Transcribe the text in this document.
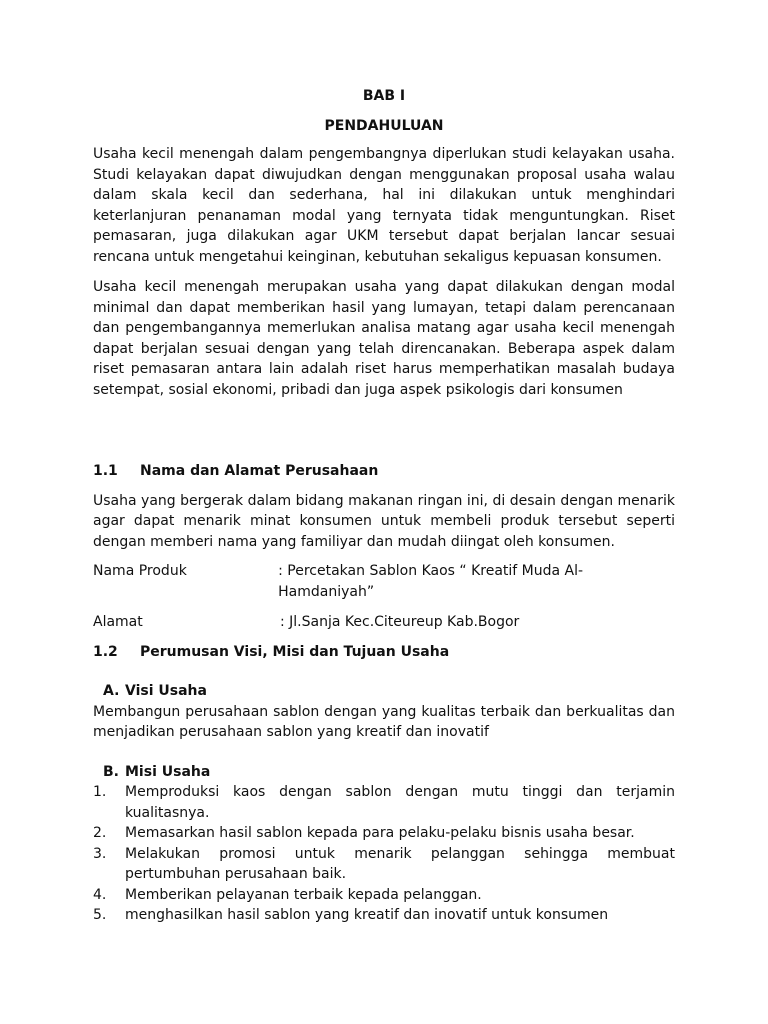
BAB I
PENDAHULUAN

Usaha kecil menengah dalam pengembangnya diperlukan studi kelayakan usaha. Studi kelayakan dapat diwujudkan dengan menggunakan proposal usaha walau dalam skala kecil dan sederhana, hal ini dilakukan untuk menghindari keterlanjuran penanaman modal yang ternyata tidak menguntungkan. Riset pemasaran, juga dilakukan agar UKM tersebut dapat berjalan lancar sesuai rencana untuk mengetahui keinginan, kebutuhan sekaligus kepuasan konsumen.

Usaha kecil menengah merupakan usaha yang dapat dilakukan dengan modal minimal dan dapat memberikan hasil yang lumayan, tetapi dalam perencanaan dan pengembangannya memerlukan analisa matang agar usaha kecil menengah dapat berjalan sesuai dengan yang telah direncanakan. Beberapa aspek dalam riset pemasaran antara lain adalah riset harus memperhatikan masalah budaya setempat, sosial ekonomi, pribadi dan juga aspek psikologis dari konsumen

1.1	Nama dan Alamat Perusahaan

Usaha yang bergerak dalam bidang makanan ringan ini, di desain dengan menarik agar dapat menarik minat konsumen untuk membeli produk tersebut seperti dengan memberi nama yang familiyar dan mudah diingat oleh konsumen.

Nama Produk	: Percetakan Sablon Kaos “ Kreatif Muda Al-Hamdaniyah”
Alamat	: Jl.Sanja Kec.Citeureup Kab.Bogor
1.2	Perumusan Visi, Misi dan Tujuan Usaha
A. Visi Usaha

Membangun perusahaan sablon dengan yang kualitas terbaik dan berkualitas dan menjadikan perusahaan sablon yang kreatif dan inovatif

B. Misi Usaha
1.	Memproduksi kaos dengan sablon dengan mutu tinggi dan terjamin kualitasnya.
2.	Memasarkan hasil sablon kepada para pelaku-pelaku bisnis usaha besar.
3.	Melakukan promosi untuk menarik pelanggan sehingga membuat pertumbuhan perusahaan baik.
4.	Memberikan pelayanan terbaik kepada pelanggan.
5.	menghasilkan hasil sablon yang kreatif dan inovatif untuk konsumen
